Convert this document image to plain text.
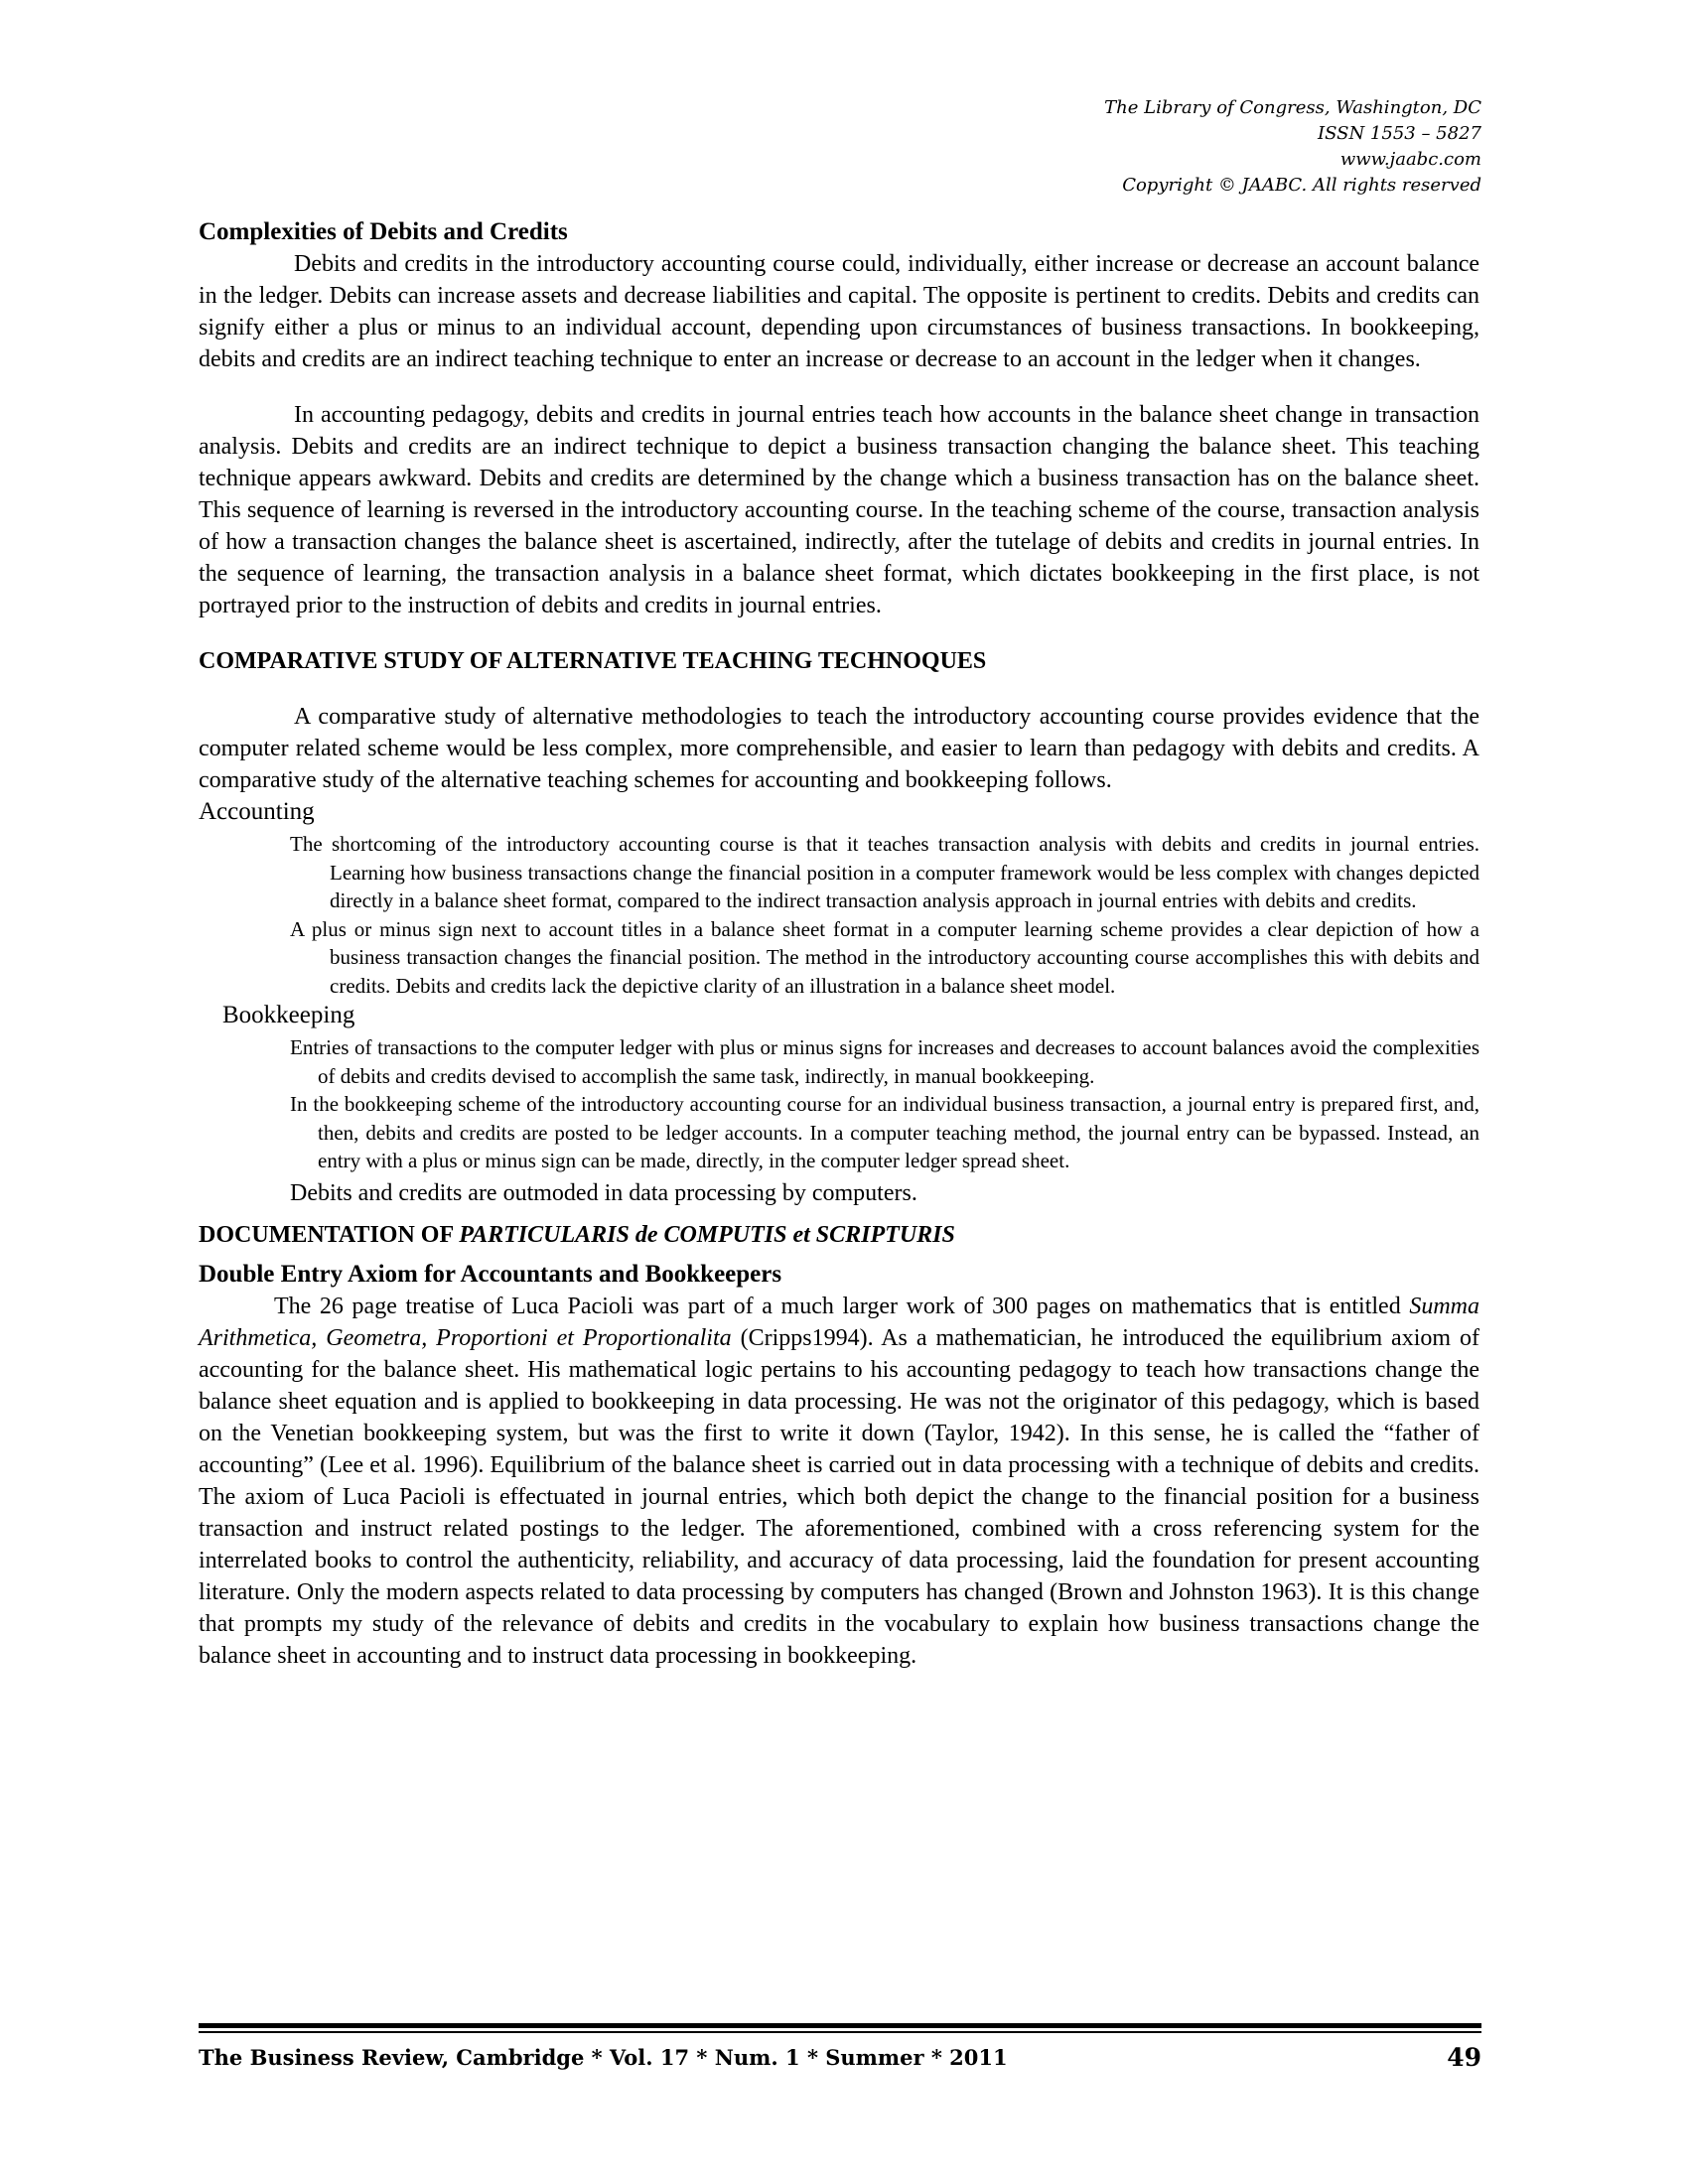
The Library of Congress, Washington, DC
ISSN 1553 – 5827
www.jaabc.com
Copyright © JAABC. All rights reserved

Complexities of Debits and Credits

Debits and credits in the introductory accounting course could, individually, either increase or decrease an account balance in the ledger. Debits can increase assets and decrease liabilities and capital. The opposite is pertinent to credits. Debits and credits can signify either a plus or minus to an individual account, depending upon circumstances of business transactions. In bookkeeping, debits and credits are an indirect teaching technique to enter an increase or decrease to an account in the ledger when it changes.

In accounting pedagogy, debits and credits in journal entries teach how accounts in the balance sheet change in transaction analysis. Debits and credits are an indirect technique to depict a business transaction changing the balance sheet. This teaching technique appears awkward. Debits and credits are determined by the change which a business transaction has on the balance sheet. This sequence of learning is reversed in the introductory accounting course. In the teaching scheme of the course, transaction analysis of how a transaction changes the balance sheet is ascertained, indirectly, after the tutelage of debits and credits in journal entries. In the sequence of learning, the transaction analysis in a balance sheet format, which dictates bookkeeping in the first place, is not portrayed prior to the instruction of debits and credits in journal entries.

COMPARATIVE STUDY OF ALTERNATIVE TEACHING TECHNOQUES

A comparative study of alternative methodologies to teach the introductory accounting course provides evidence that the computer related scheme would be less complex, more comprehensible, and easier to learn than pedagogy with debits and credits. A comparative study of the alternative teaching schemes for accounting and bookkeeping follows.

Accounting

The shortcoming of the introductory accounting course is that it teaches transaction analysis with debits and credits in journal entries. Learning how business transactions change the financial position in a computer framework would be less complex with changes depicted directly in a balance sheet format, compared to the indirect transaction analysis approach in journal entries with debits and credits.
A plus or minus sign next to account titles in a balance sheet format in a computer learning scheme provides a clear depiction of how a business transaction changes the financial position. The method in the introductory accounting course accomplishes this with debits and credits. Debits and credits lack the depictive clarity of an illustration in a balance sheet model.

Bookkeeping

Entries of transactions to the computer ledger with plus or minus signs for increases and decreases to account balances avoid the complexities of debits and credits devised to accomplish the same task, indirectly, in manual bookkeeping.
In the bookkeeping scheme of the introductory accounting course for an individual business transaction, a journal entry is prepared first, and, then, debits and credits are posted to be ledger accounts. In a computer teaching method, the journal entry can be bypassed. Instead, an entry with a plus or minus sign can be made, directly, in the computer ledger spread sheet.

Debits and credits are outmoded in data processing by computers.

DOCUMENTATION OF PARTICULARIS de COMPUTIS et SCRIPTURIS

Double Entry Axiom for Accountants and Bookkeepers

The 26 page treatise of Luca Pacioli was part of a much larger work of 300 pages on mathematics that is entitled Summa Arithmetica, Geometra, Proportioni et Proportionalita (Cripps1994). As a mathematician, he introduced the equilibrium axiom of accounting for the balance sheet. His mathematical logic pertains to his accounting pedagogy to teach how transactions change the balance sheet equation and is applied to bookkeeping in data processing. He was not the originator of this pedagogy, which is based on the Venetian bookkeeping system, but was the first to write it down (Taylor, 1942). In this sense, he is called the “father of accounting” (Lee et al. 1996). Equilibrium of the balance sheet is carried out in data processing with a technique of debits and credits. The axiom of Luca Pacioli is effectuated in journal entries, which both depict the change to the financial position for a business transaction and instruct related postings to the ledger. The aforementioned, combined with a cross referencing system for the interrelated books to control the authenticity, reliability, and accuracy of data processing, laid the foundation for present accounting literature. Only the modern aspects related to data processing by computers has changed (Brown and Johnston 1963). It is this change that prompts my study of the relevance of debits and credits in the vocabulary to explain how business transactions change the balance sheet in accounting and to instruct data processing in bookkeeping.

The Business Review, Cambridge * Vol. 17 * Num. 1 * Summer * 2011	49
